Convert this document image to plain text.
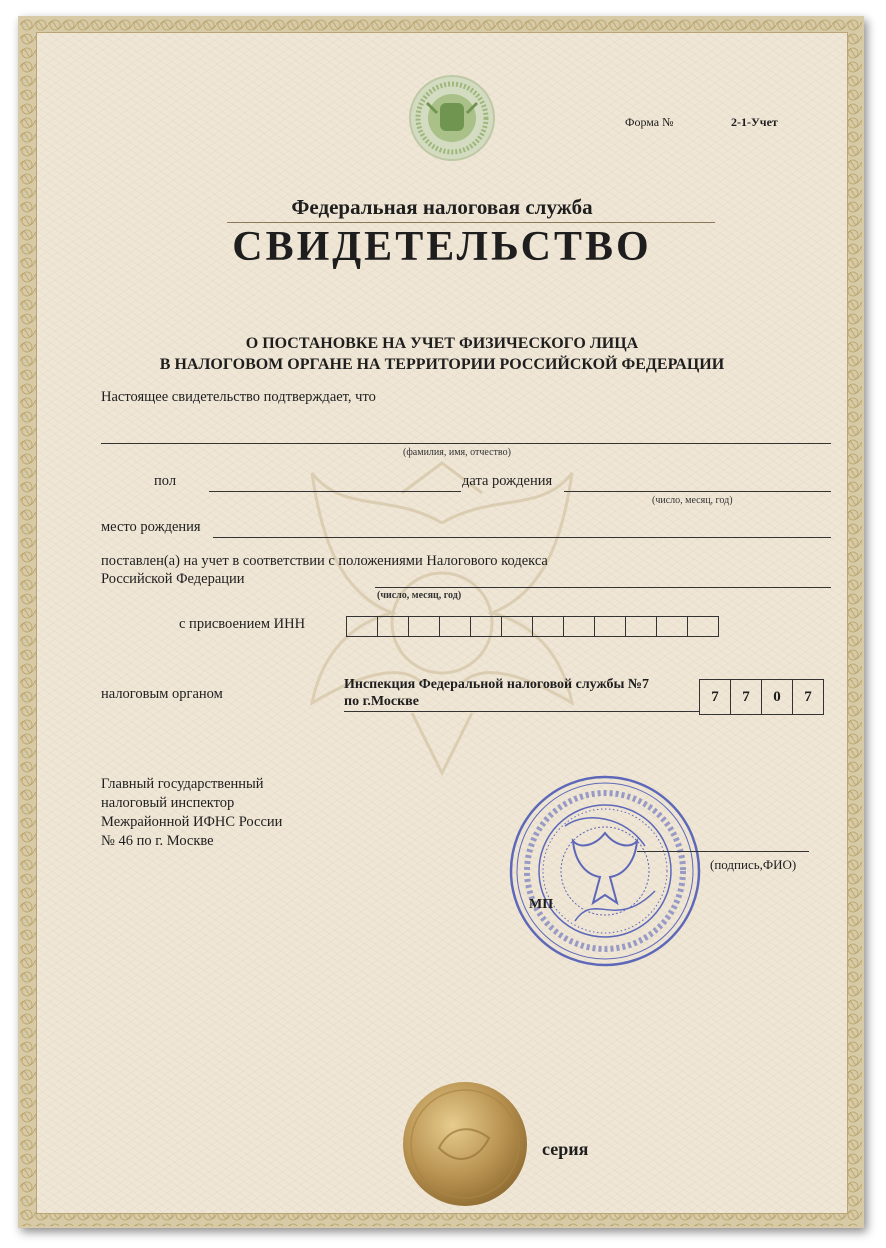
Форма №	2-1-Учет
Федеральная налоговая служба
СВИДЕТЕЛЬСТВО
О ПОСТАНОВКЕ НА УЧЕТ ФИЗИЧЕСКОГО ЛИЦА
В НАЛОГОВОМ ОРГАНЕ НА ТЕРРИТОРИИ РОССИЙСКОЙ ФЕДЕРАЦИИ
Настоящее свидетельство подтверждает, что
(фамилия, имя, отчество)
пол	дата рождения
(число, месяц, год)
место рождения
поставлен(а) на учет в соответствии с положениями Налогового кодекса
Российской Федерации
(число, месяц, год)
с присвоением ИНН
налоговым органом
Инспекция Федеральной налоговой службы №7
по г.Москве	7	7	0	7
Главный государственный
налоговый инспектор
Межрайонной ИФНС России
№ 46 по г. Москве
(подпись,ФИО)
МП
серия
